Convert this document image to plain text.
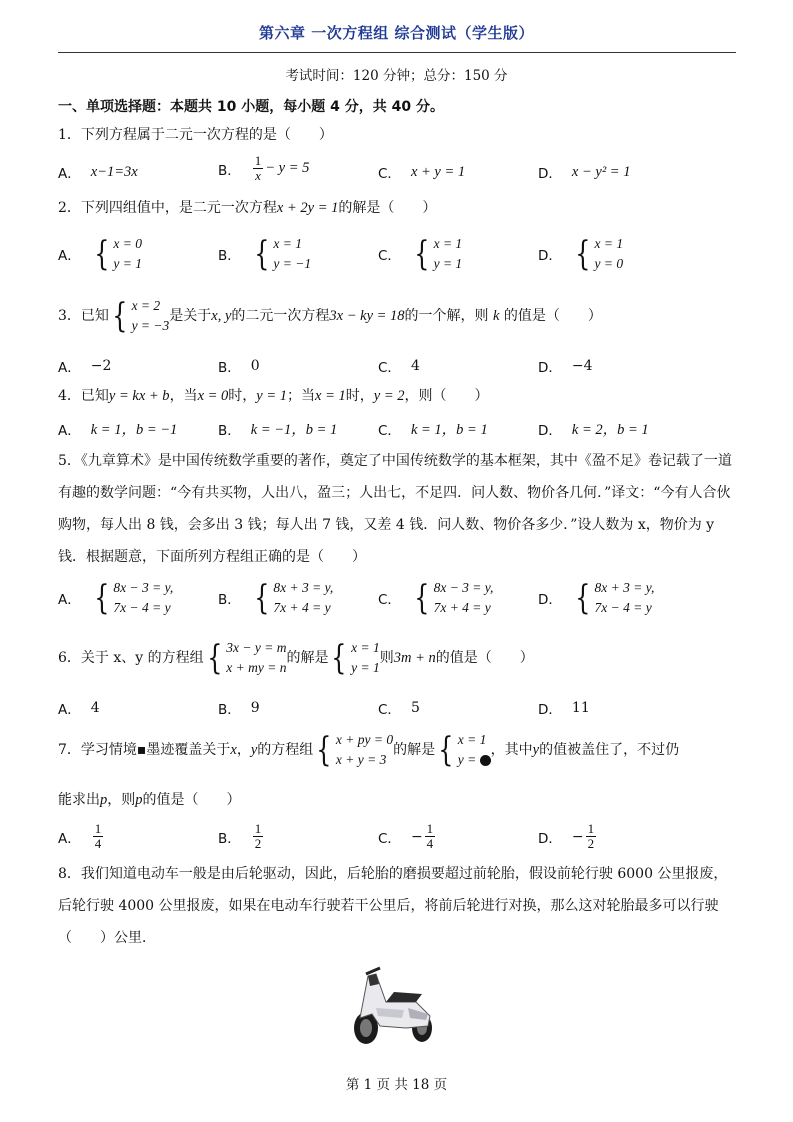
第六章 一次方程组 综合测试（学生版）
考试时间：120 分钟；总分：150 分
一、单项选择题：本题共 10 小题，每小题 4 分，共 40 分。
1．下列方程属于二元一次方程的是（　　）
A． x−1=3x	B． $\frac{1}{x} - y = 5$	C． x + y = 1	D． x − y² = 1
2．下列四组值中，是二元一次方程x + 2y = 1的解是（　　）
A． { x = 0
y = 1	B． { x = 1
y = −1	C． { x = 1
y = 1	D． { x = 1
y = 0
3．已知 { x = 2
y = −3
是关于 x, y 的二元一次方程 3x − ky = 18 的一个解，则
k
的值是（　　）
A． −2	B． 0	C． 4	D． −4
4．已知y = kx + b，当x = 0时，y = 1；当x = 1时，y = 2，则（　　）
A． k = 1，b = −1	B． k = −1，b = 1	C． k = 1，b = 1	D． k = 2，b = 1
5．《九章算术》是中国传统数学重要的著作，奠定了中国传统数学的基本框架，其中《盈不足》卷记载了一道有趣的数学问题：“今有共买物，人出八，盈三；人出七，不足四．问人数、物价各几何．”译文：“今有人合伙购物，每人出 8 钱，会多出 3 钱；每人出 7 钱，又差 4 钱．问人数、物价各多少．”设人数为 x，物价为 y 钱．根据题意，下面所列方程组正确的是（　　）
A． { 8x − 3 = y,
7x − 4 = y	B． { 8x + 3 = y,
7x + 4 = y	C． { 8x − 3 = y,
7x + 4 = y	D． { 8x + 3 = y,
7x − 4 = y
6．关于 x、y 的方程组 { 3x − y = m
x + my = n
的解是 { x = 1
y = 1
则 3m + n 的值是（　　）
A． 4	B． 9	C． 5	D． 11
7．学习情境▪墨迹覆盖关于 x ， y 的方程组 { x + py = 0
x + y = 3
的解是 { x = 1
y =
，其中 y 的值被盖住了，不过仍
能求出p，则p的值是（　　）
A． $\frac{1}{4}$	B． $\frac{1}{2}$	C． − $\frac{1}{4}$	D． − $\frac{1}{2}$
8．我们知道电动车一般是由后轮驱动，因此，后轮胎的磨损要超过前轮胎，假设前轮行驶 6000 公里报废，后轮行驶 4000 公里报废，如果在电动车行驶若干公里后，将前后轮进行对换，那么这对轮胎最多可以行驶（　　）公里．
第 1 页 共 18 页
